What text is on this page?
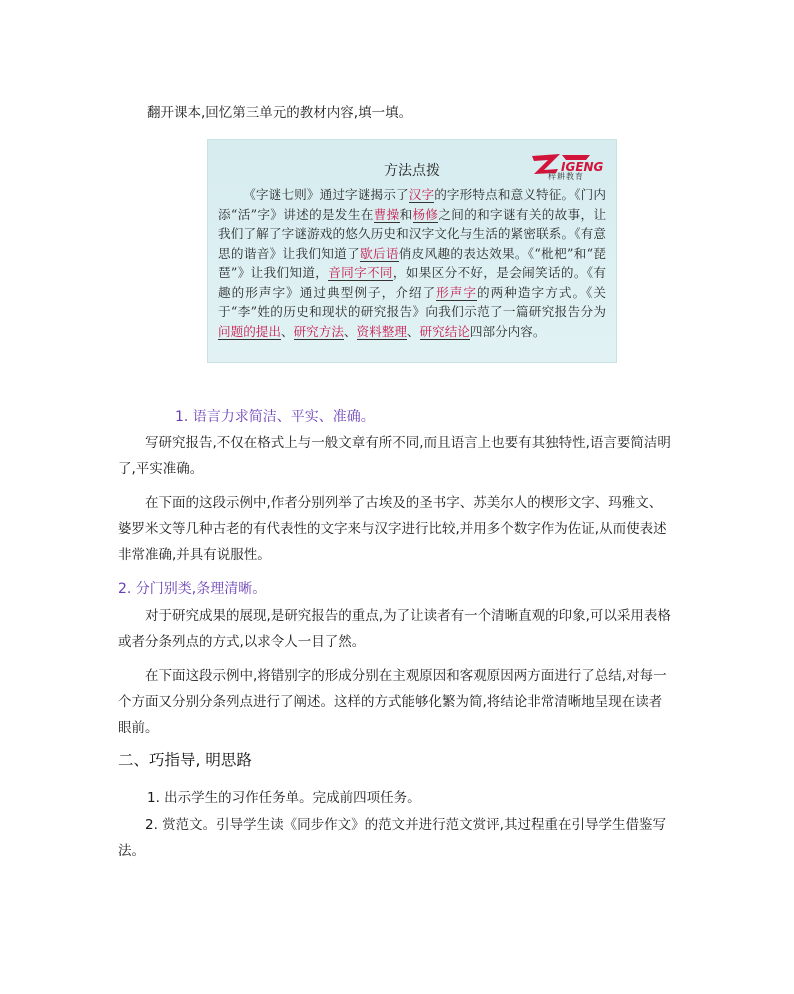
翻开课本,回忆第三单元的教材内容,填一填。
方法点拨	IGENG
梓耕教育
《字谜七则》通过字谜揭示了汉字的字形特点和意义特征。《门内添“活”字》讲述的是发生在曹操和杨修之间的和字谜有关的故事，让我们了解了字谜游戏的悠久历史和汉字文化与生活的紧密联系。《有意思的谐音》让我们知道了歇后语俏皮风趣的表达效果。《“枇杷”和“琵琶”》让我们知道，音同字不同，如果区分不好，是会闹笑话的。《有趣的形声字》通过典型例子，介绍了形声字的两种造字方式。《关于“李”姓的历史和现状的研究报告》向我们示范了一篇研究报告分为问题的提出、研究方法、资料整理、研究结论四部分内容。
1. 语言力求简洁、平实、准确。
写研究报告,不仅在格式上与一般文章有所不同,而且语言上也要有其独特性,语言要简洁明了,平实准确。
在下面的这段示例中,作者分别列举了古埃及的圣书字、苏美尔人的楔形文字、玛雅文、婆罗米文等几种古老的有代表性的文字来与汉字进行比较,并用多个数字作为佐证,从而使表述非常准确,并具有说服性。
2. 分门别类,条理清晰。
对于研究成果的展现,是研究报告的重点,为了让读者有一个清晰直观的印象,可以采用表格或者分条列点的方式,以求令人一目了然。
在下面这段示例中,将错别字的形成分别在主观原因和客观原因两方面进行了总结,对每一个方面又分别分条列点进行了阐述。这样的方式能够化繁为简,将结论非常清晰地呈现在读者眼前。
二、巧指导, 明思路
1. 出示学生的习作任务单。完成前四项任务。
2. 赏范文。引导学生读《同步作文》的范文并进行范文赏评,其过程重在引导学生借鉴写法。
